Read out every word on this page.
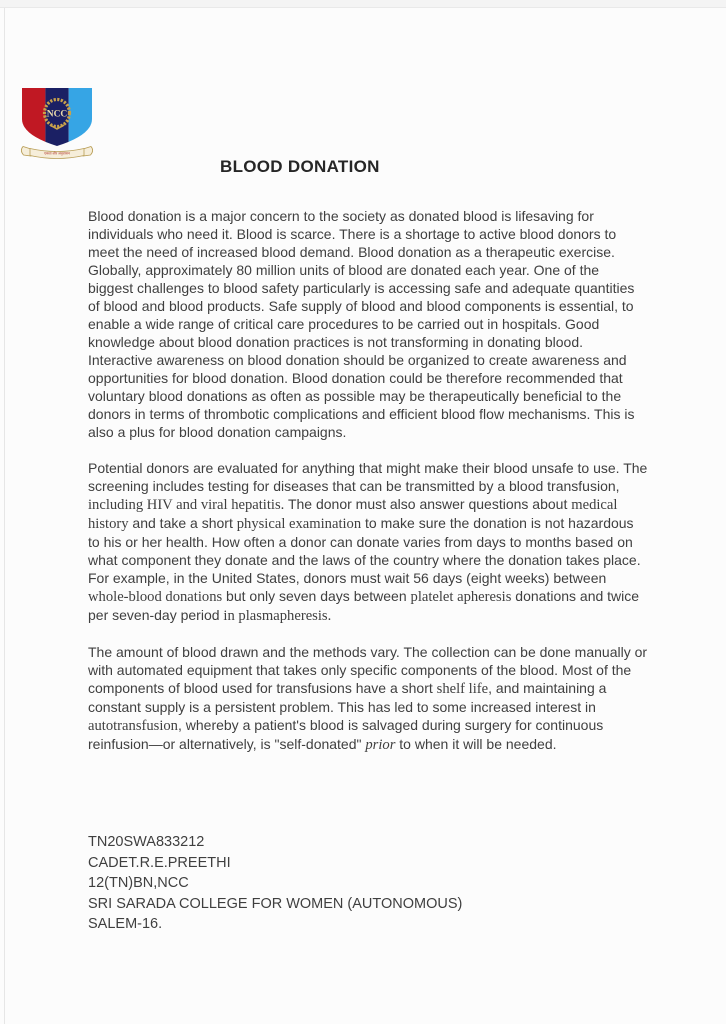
NCC
एकता और अनुशासन
BLOOD DONATION

Blood donation is a major concern to the society as donated blood is lifesaving for individuals who need it. Blood is scarce. There is a shortage to active blood donors to meet the need of increased blood demand. Blood donation as a therapeutic exercise. Globally, approximately 80 million units of blood are donated each year. One of the biggest challenges to blood safety particularly is accessing safe and adequate quantities of blood and blood products. Safe supply of blood and blood components is essential, to enable a wide range of critical care procedures to be carried out in hospitals. Good knowledge about blood donation practices is not transforming in donating blood. Interactive awareness on blood donation should be organized to create awareness and opportunities for blood donation. Blood donation could be therefore recommended that voluntary blood donations as often as possible may be therapeutically beneficial to the donors in terms of thrombotic complications and efficient blood flow mechanisms. This is also a plus for blood donation campaigns.

Potential donors are evaluated for anything that might make their blood unsafe to use. The screening includes testing for diseases that can be transmitted by a blood transfusion, including HIV and viral hepatitis. The donor must also answer questions about medical history and take a short physical examination to make sure the donation is not hazardous to his or her health. How often a donor can donate varies from days to months based on what component they donate and the laws of the country where the donation takes place. For example, in the United States, donors must wait 56 days (eight weeks) between whole-blood donations but only seven days between platelet apheresis donations and twice per seven-day period in plasmapheresis.

The amount of blood drawn and the methods vary. The collection can be done manually or with automated equipment that takes only specific components of the blood. Most of the components of blood used for transfusions have a short shelf life, and maintaining a constant supply is a persistent problem. This has led to some increased interest in autotransfusion, whereby a patient's blood is salvaged during surgery for continuous reinfusion—or alternatively, is "self-donated" prior to when it will be needed.

TN20SWA833212
CADET.R.E.PREETHI
12(TN)BN,NCC
SRI SARADA COLLEGE FOR WOMEN (AUTONOMOUS)
SALEM-16.
